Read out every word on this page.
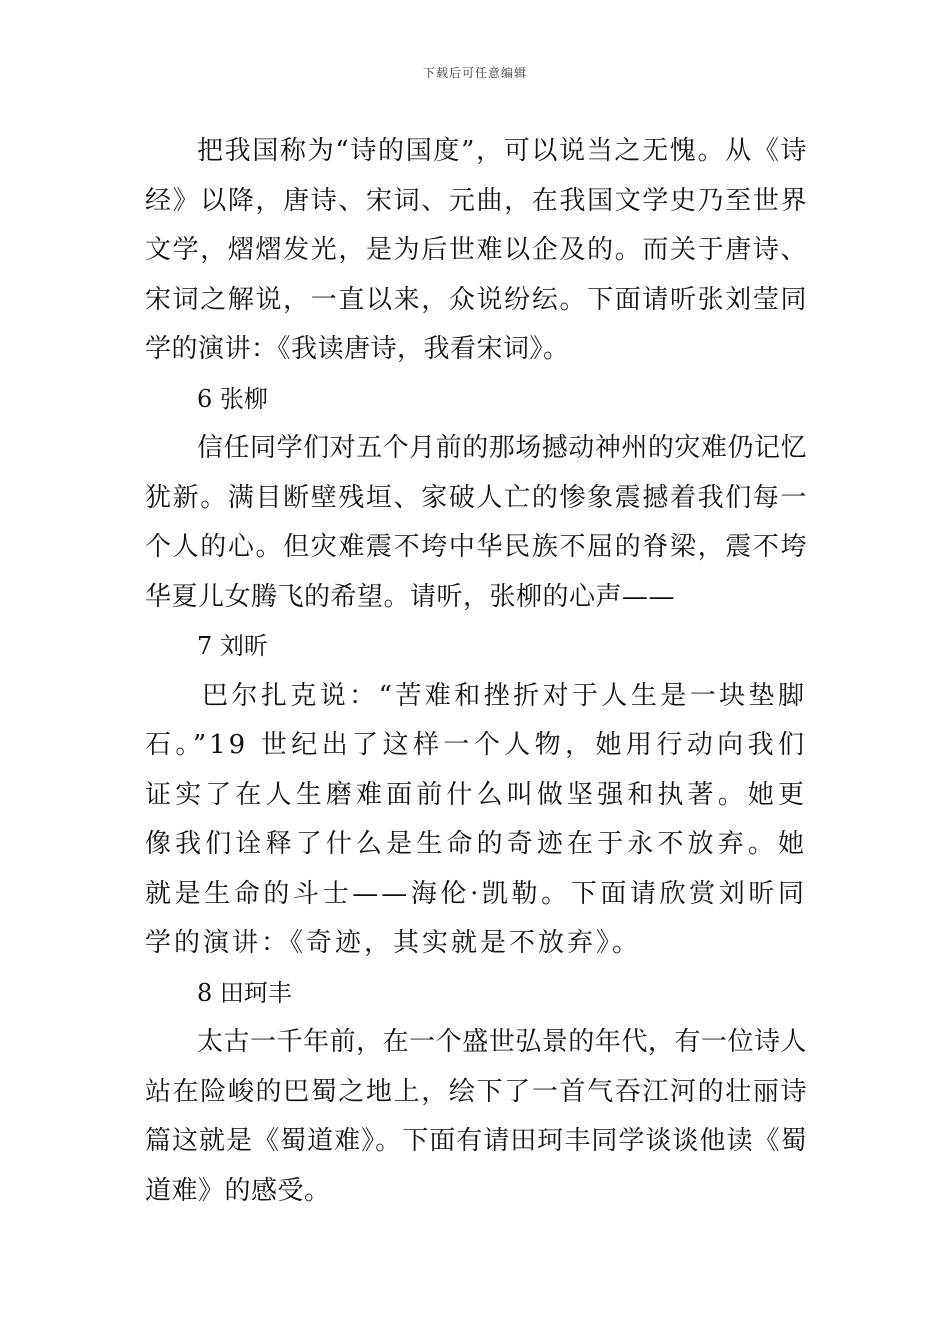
下载后可任意编辑

把我国称为“诗的国度”，可以说当之无愧。从《诗经》以降，唐诗、宋词、元曲，在我国文学史乃至世界文学，熠熠发光，是为后世难以企及的。而关于唐诗、宋词之解说，一直以来，众说纷纭。下面请听张刘莹同学的演讲：《我读唐诗，我看宋词》。

6 张柳

信任同学们对五个月前的那场撼动神州的灾难仍记忆犹新。满目断壁残垣、家破人亡的惨象震撼着我们每一个人的心。但灾难震不垮中华民族不屈的脊梁，震不垮华夏儿女腾飞的希望。请听，张柳的心声——

7 刘昕

巴尔扎克说：“苦难和挫折对于人生是一块垫脚石。”19 世纪出了这样一个人物，她用行动向我们证实了在人生磨难面前什么叫做坚强和执著。她更像我们诠释了什么是生命的奇迹在于永不放弃。她就是生命的斗士——海伦·凯勒。下面请欣赏刘昕同学的演讲：《奇迹，其实就是不放弃》。

8 田珂丰

太古一千年前，在一个盛世弘景的年代，有一位诗人站在险峻的巴蜀之地上，绘下了一首气吞江河的壮丽诗篇这就是《蜀道难》。下面有请田珂丰同学谈谈他读《蜀道难》的感受。
